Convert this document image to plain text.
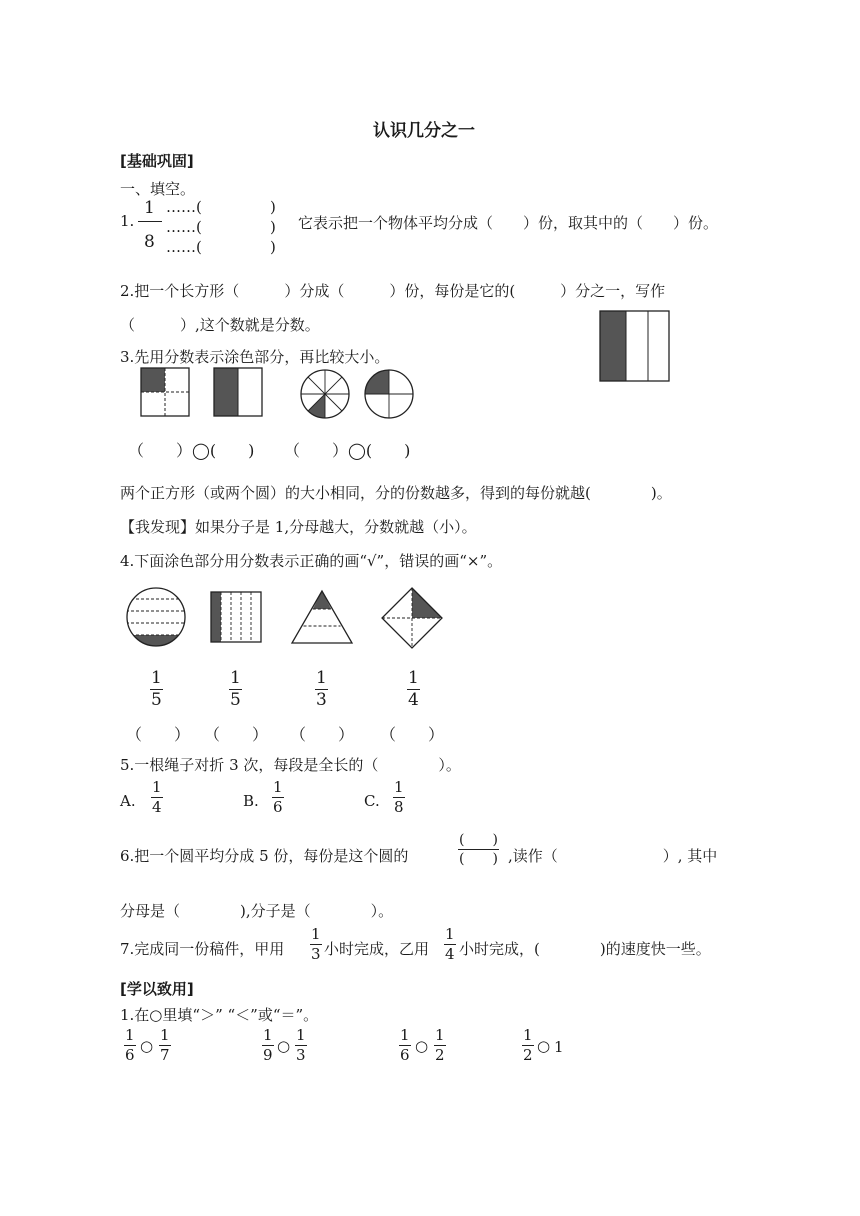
认识几分之一
[基础巩固]
一、填空。
1.
1
8
……(
……(
……(
)
)
)
它表示把一个物体平均分成（　　）份，取其中的（　　）份。
2.把一个长方形（　　　）分成（　　　）份，每份是它的(　　　）分之一，写作
（　　　）,这个数就是分数。
3.先用分数表示涂色部分，再比较大小。
（　　）◯(　　) （　　）◯(　　)
两个正方形（或两个圆）的大小相同，分的份数越多，得到的每份就越(　　　　)。
【我发现】如果分子是 1,分母越大，分数就越（小）。
4.下面涂色部分用分数表示正确的画“√”，错误的画“×”。
1
5
1
5
1
3
1
4
（　　） （　　） （　　） （　　）
5.一根绳子对折 3 次，每段是全长的（　　　　）。
A.
1
4	B.
1
6	C.
1
8
6.把一个圆平均分成 5 份，每份是这个圆的
(　　)
(　　) ,读作（　　　　　　　）, 其中
分母是（　　　　),分子是（　　　　）。
7.完成同一份稿件，甲用
1
3 小时完成，乙用
1
4 小时完成，(　　　　)的速度快一些。
[学以致用]
1.在○里填“＞” “＜”或“＝”。
1
6 ○
1
7
1
9 ○
1
3
1
6 ○
1
2
1
2 ○ 1
